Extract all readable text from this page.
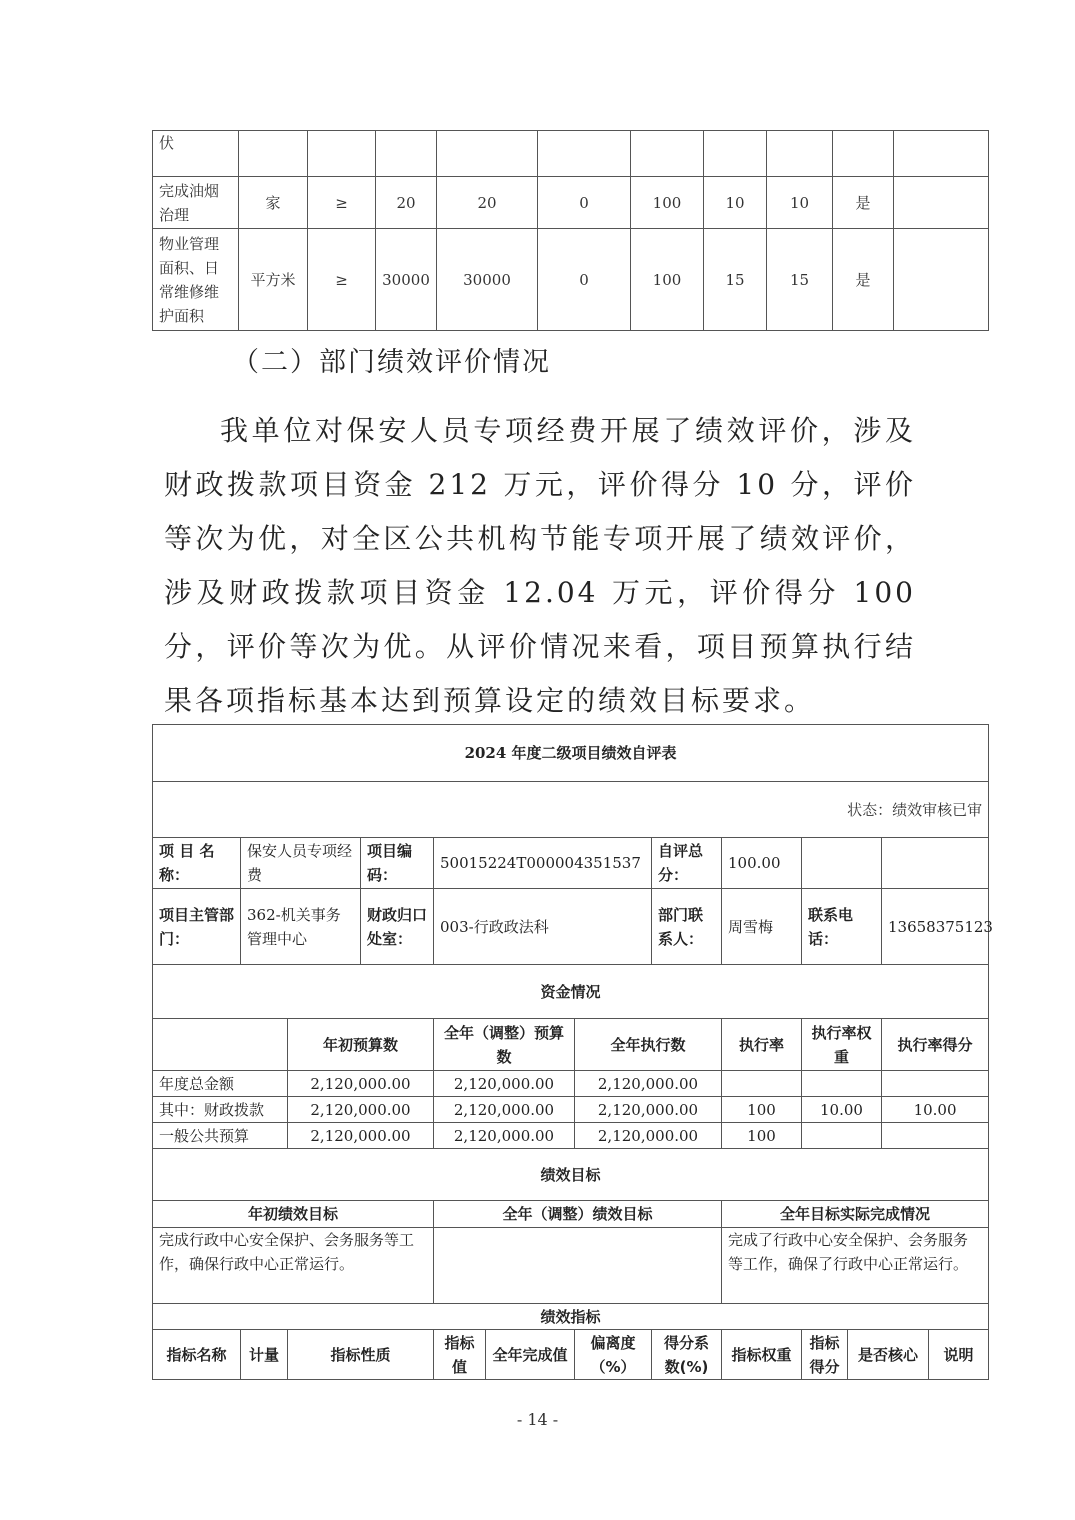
伏										
完成油烟治理	家	≥	20	20	0	100	10	10	是	
物业管理面积、日常维修维护面积	平方米	≥	30000	30000	0	100	15	15	是	
（二）部门绩效评价情况

我单位对保安人员专项经费开展了绩效评价，涉及财政拨款项目资金 212 万元，评价得分 10 分，评价等次为优，对全区公共机构节能专项开展了绩效评价，涉及财政拨款项目资金 12.04 万元，评价得分 100 分，评价等次为优。从评价情况来看，项目预算执行结果各项指标基本达到预算设定的绩效目标要求。

2024 年度二级项目绩效自评表												
状态：绩效审核已审												
项 目 名称：	保安人员专项经费		项目编码：	50015224T000004351537			自评总分：	100.00				
项目主管部门：	362-机关事务管理中心		财政归口 处室：	003-行政政法科			部门联系人：	周雪梅	联系电话：		13658375123	
资金情况												
		年初预算数		全年（调整）预算数		全年执行数		执行率	执行率权重		执行率得分	
年度总金额		2,120,000.00		2,120,000.00		2,120,000.00						
其中：财政拨款		2,120,000.00		2,120,000.00		2,120,000.00		100	10.00		10.00	
一般公共预算		2,120,000.00		2,120,000.00		2,120,000.00		100				
绩效目标												
年初绩效目标				全年（调整）绩效目标				全年目标实际完成情况				
完成行政中心安全保护、会务服务等工作，确保行政中心正常运行。								完成了行政中心安全保护、会务服务等工作，确保了行政中心正常运行。				
绩效指标												
指标名称	计量	指标性质		指标值	全年完成值	偏离度（%）	得分系数(%)	指标权重	指标得分	是否核心		说明
- 14 -
